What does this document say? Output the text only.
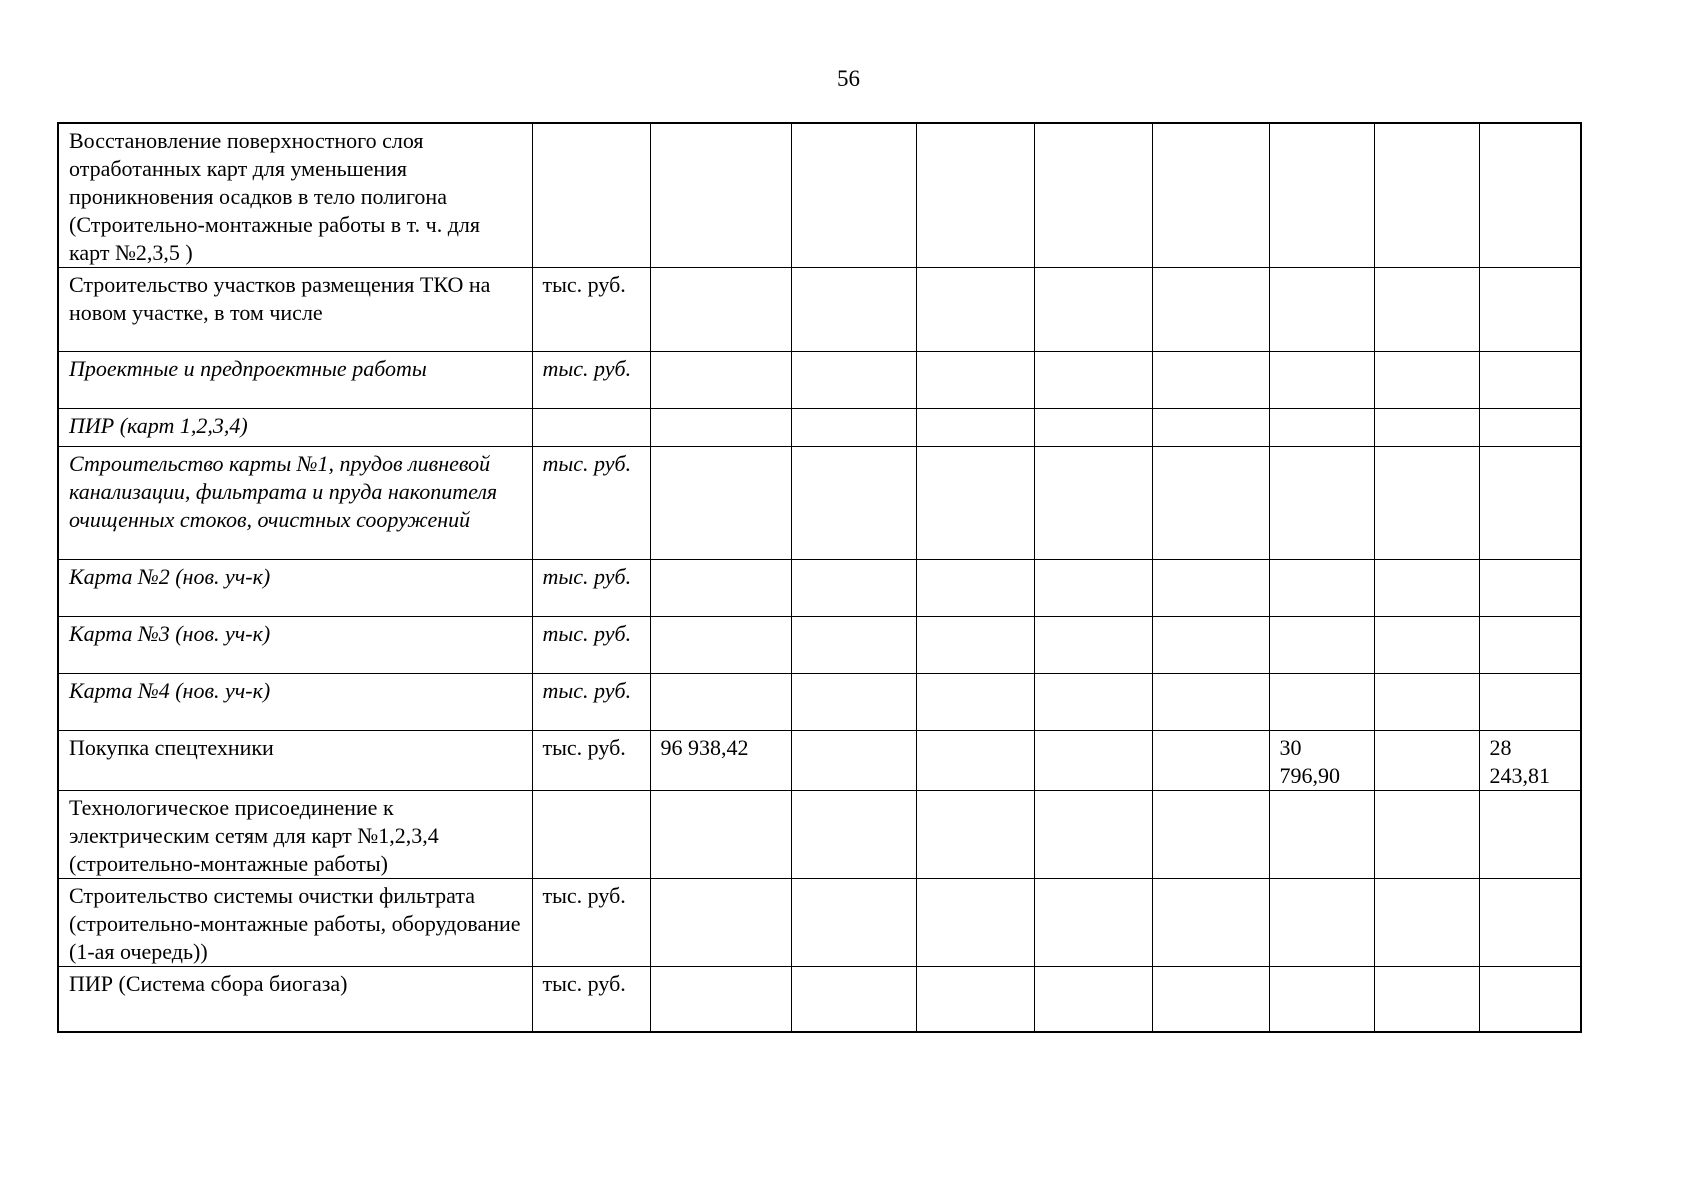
56
Восстановление поверхностного слоя отработанных карт для уменьшения проникновения осадков в тело полигона (Строительно-монтажные работы в т. ч. для карт №2,3,5 )										
Строительство участков размещения ТКО на новом участке, в том числе	тыс. руб.									
Проектные и предпроектные работы	тыс. руб.									
ПИР (карт 1,2,3,4)										
Строительство карты №1, прудов ливневой канализации, фильтрата и пруда накопителя очищенных стоков, очистных сооружений	тыс. руб.									
Карта №2 (нов. уч-к)	тыс. руб.									
Карта №3 (нов. уч-к)	тыс. руб.									
Карта №4 (нов. уч-к)	тыс. руб.									
Покупка спецтехники	тыс. руб.	96 938,42					30 796,90		28 243,81	
Технологическое присоединение к электрическим сетям для карт №1,2,3,4 (строительно-монтажные работы)										
Строительство системы очистки фильтрата (строительно-монтажные работы, оборудование (1-ая очередь))	тыс. руб.									
ПИР (Система сбора биогаза)	тыс. руб.									
